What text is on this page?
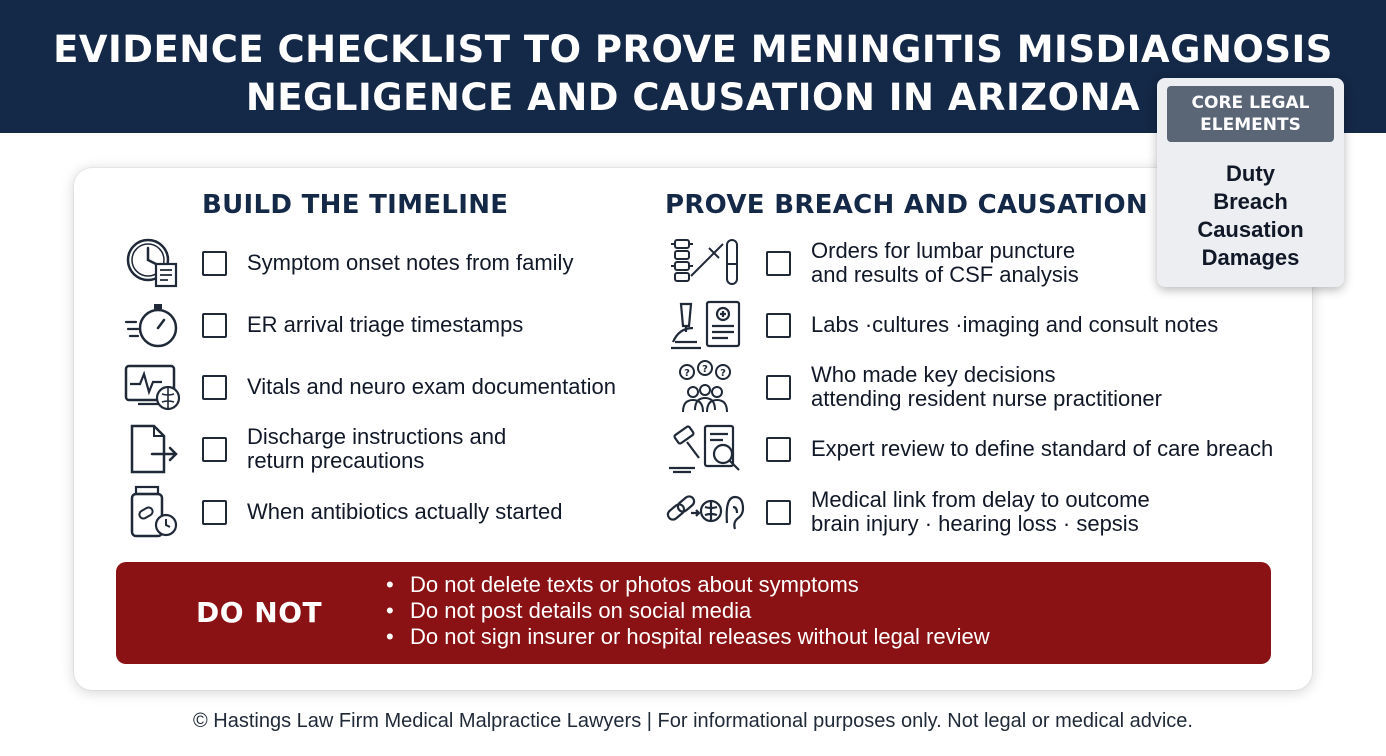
EVIDENCE CHECKLIST TO PROVE MENINGITIS MISDIAGNOSIS
NEGLIGENCE AND CAUSATION IN ARIZONA
BUILD THE TIMELINE
Symptom onset notes from family
ER arrival triage timestamps
Vitals and neuro exam documentation
Discharge instructions and
return precautions
When antibiotics actually started
PROVE BREACH AND CAUSATION
Orders for lumbar puncture
and results of CSF analysis
Labs ·cultures ·imaging and consult notes
? ? ?	Who made key decisions
attending resident nurse practitioner
Expert review to define standard of care breach
Medical link from delay to outcome
brain injury · hearing loss · sepsis
DO NOT
• Do not delete texts or photos about symptoms
• Do not post details on social media
• Do not sign insurer or hospital releases without legal review
CORE LEGAL
ELEMENTS
Duty
Breach
Causation
Damages
© Hastings Law Firm Medical Malpractice Lawyers | For informational purposes only. Not legal or medical advice.
